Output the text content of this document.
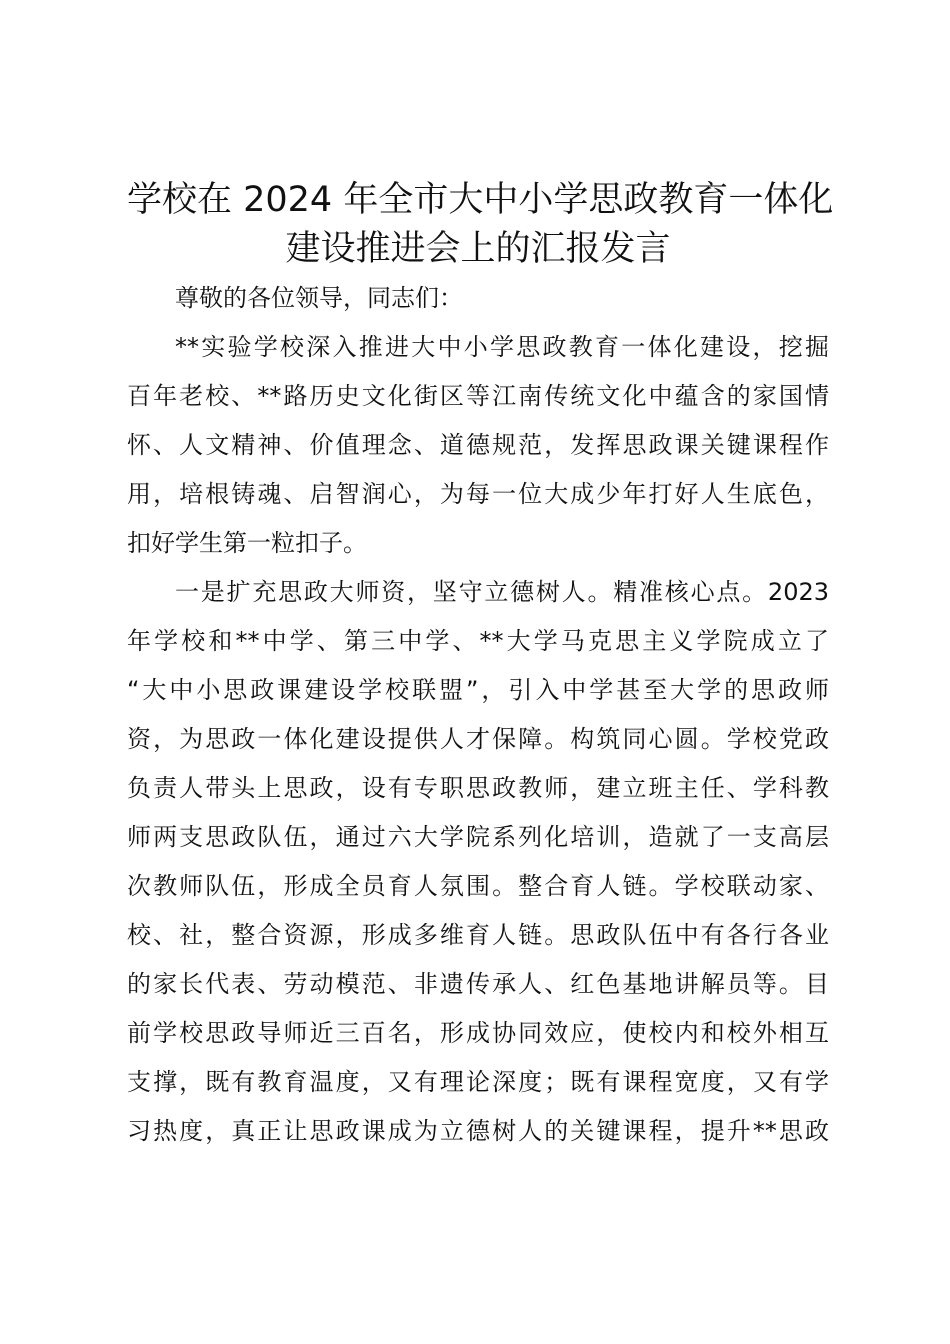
学校在 2024 年全市大中小学思政教育一体化
建设推进会上的汇报发言

尊敬的各位领导，同志们：

**实验学校深入推进大中小学思政教育一体化建设，挖掘
百年老校、**路历史文化街区等江南传统文化中蕴含的家国情
怀、人文精神、价值理念、道德规范，发挥思政课关键课程作
用，培根铸魂、启智润心，为每一位大成少年打好人生底色，
扣好学生第一粒扣子。
一是扩充思政大师资，坚守立德树人。精准核心点。2023
年学校和**中学、第三中学、**大学马克思主义学院成立了
“大中小思政课建设学校联盟”，引入中学甚至大学的思政师
资，为思政一体化建设提供人才保障。构筑同心圆。学校党政
负责人带头上思政，设有专职思政教师，建立班主任、学科教
师两支思政队伍，通过六大学院系列化培训，造就了一支高层
次教师队伍，形成全员育人氛围。整合育人链。学校联动家、
校、社，整合资源，形成多维育人链。思政队伍中有各行各业
的家长代表、劳动模范、非遗传承人、红色基地讲解员等。目
前学校思政导师近三百名，形成协同效应，使校内和校外相互
支撑，既有教育温度，又有理论深度；既有课程宽度，又有学
习热度，真正让思政课成为立德树人的关键课程，提升**思政
